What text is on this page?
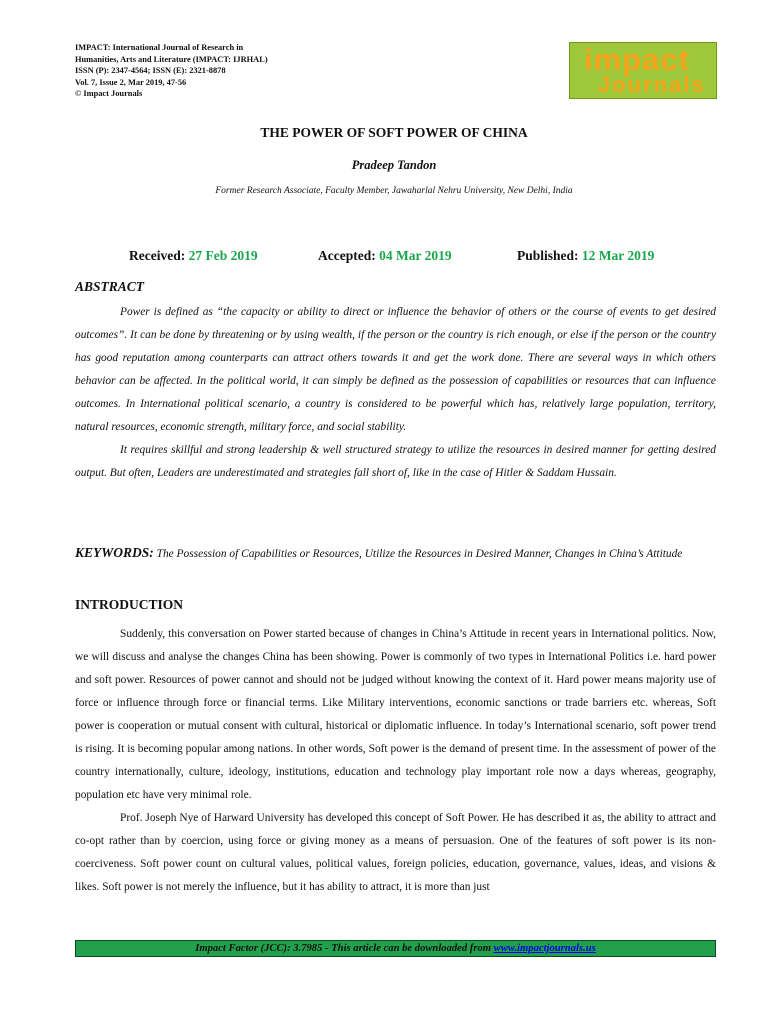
IMPACT: International Journal of Research in
Humanities, Arts and Literature (IMPACT: IJRHAL)
ISSN (P): 2347-4564; ISSN (E): 2321-8878
Vol. 7, Issue 2, Mar 2019, 47-56
© Impact Journals
impact
Journals
THE POWER OF SOFT POWER OF CHINA
Pradeep Tandon
Former Research Associate, Faculty Member, Jawaharlal Nehru University, New Delhi, India
Received: 27 Feb 2019	Accepted: 04 Mar 2019	Published: 12 Mar 2019
ABSTRACT

Power is defined as “the capacity or ability to direct or influence the behavior of others or the course of events to get desired outcomes”. It can be done by threatening or by using wealth, if the person or the country is rich enough, or else if the person or the country has good reputation among counterparts can attract others towards it and get the work done. There are several ways in which others behavior can be affected. In the political world, it can simply be defined as the possession of capabilities or resources that can influence outcomes. In International political scenario, a country is considered to be powerful which has, relatively large population, territory, natural resources, economic strength, military force, and social stability.

It requires skillful and strong leadership & well structured strategy to utilize the resources in desired manner for getting desired output. But often, Leaders are underestimated and strategies fall short of, like in the case of Hitler & Saddam Hussain.

KEYWORDS: The Possession of Capabilities or Resources, Utilize the Resources in Desired Manner, Changes in China’s Attitude
INTRODUCTION

Suddenly, this conversation on Power started because of changes in China’s Attitude in recent years in International politics. Now, we will discuss and analyse the changes China has been showing. Power is commonly of two types in International Politics i.e. hard power and soft power. Resources of power cannot and should not be judged without knowing the context of it. Hard power means majority use of force or influence through force or financial terms. Like Military interventions, economic sanctions or trade barriers etc. whereas, Soft power is cooperation or mutual consent with cultural, historical or diplomatic influence. In today’s International scenario, soft power trend is rising. It is becoming popular among nations. In other words, Soft power is the demand of present time. In the assessment of power of the country internationally, culture, ideology, institutions, education and technology play important role now a days whereas, geography, population etc have very minimal role.

Prof. Joseph Nye of Harward University has developed this concept of Soft Power. He has described it as, the ability to attract and co-opt rather than by coercion, using force or giving money as a means of persuasion. One of the features of soft power is its non-coerciveness. Soft power count on cultural values, political values, foreign policies, education, governance, values, ideas, and visions & likes. Soft power is not merely the influence, but it has ability to attract, it is more than just

Impact Factor (JCC): 3.7985 - This article can be downloaded from www.impactjournals.us
